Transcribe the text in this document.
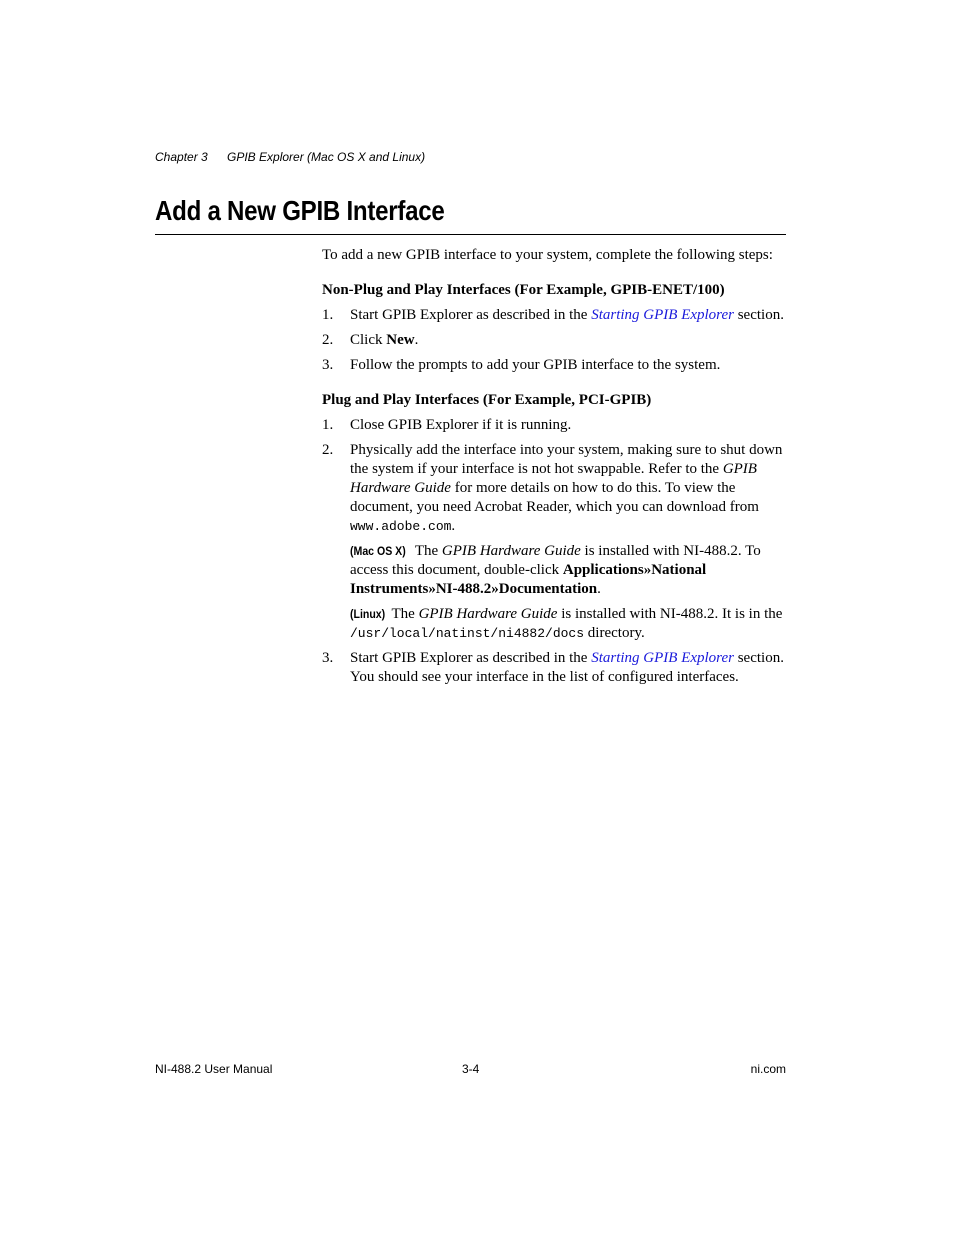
Chapter 3 GPIB Explorer (Mac OS X and Linux)
Add a New GPIB Interface

To add a new GPIB interface to your system, complete the following steps:

Non-Plug and Play Interfaces (For Example, GPIB-ENET/100)

1. Start GPIB Explorer as described in the Starting GPIB Explorer section.
2. Click New.
3. Follow the prompts to add your GPIB interface to the system.

Plug and Play Interfaces (For Example, PCI-GPIB)

1. Close GPIB Explorer if it is running.
2. Physically add the interface into your system, making sure to shut down the system if your interface is not hot swappable. Refer to the GPIB Hardware Guide for more details on how to do this. To view the document, you need Acrobat Reader, which you can download from www.adobe.com.

(Mac OS X) The GPIB Hardware Guide is installed with NI-488.2. To access this document, double-click Applications»National Instruments»NI-488.2»Documentation.

(Linux) The GPIB Hardware Guide is installed with NI-488.2. It is in the /usr/local/natinst/ni4882/docs directory.

3. Start GPIB Explorer as described in the Starting GPIB Explorer section. You should see your interface in the list of configured interfaces.
NI-488.2 User Manual	3-4	ni.com
